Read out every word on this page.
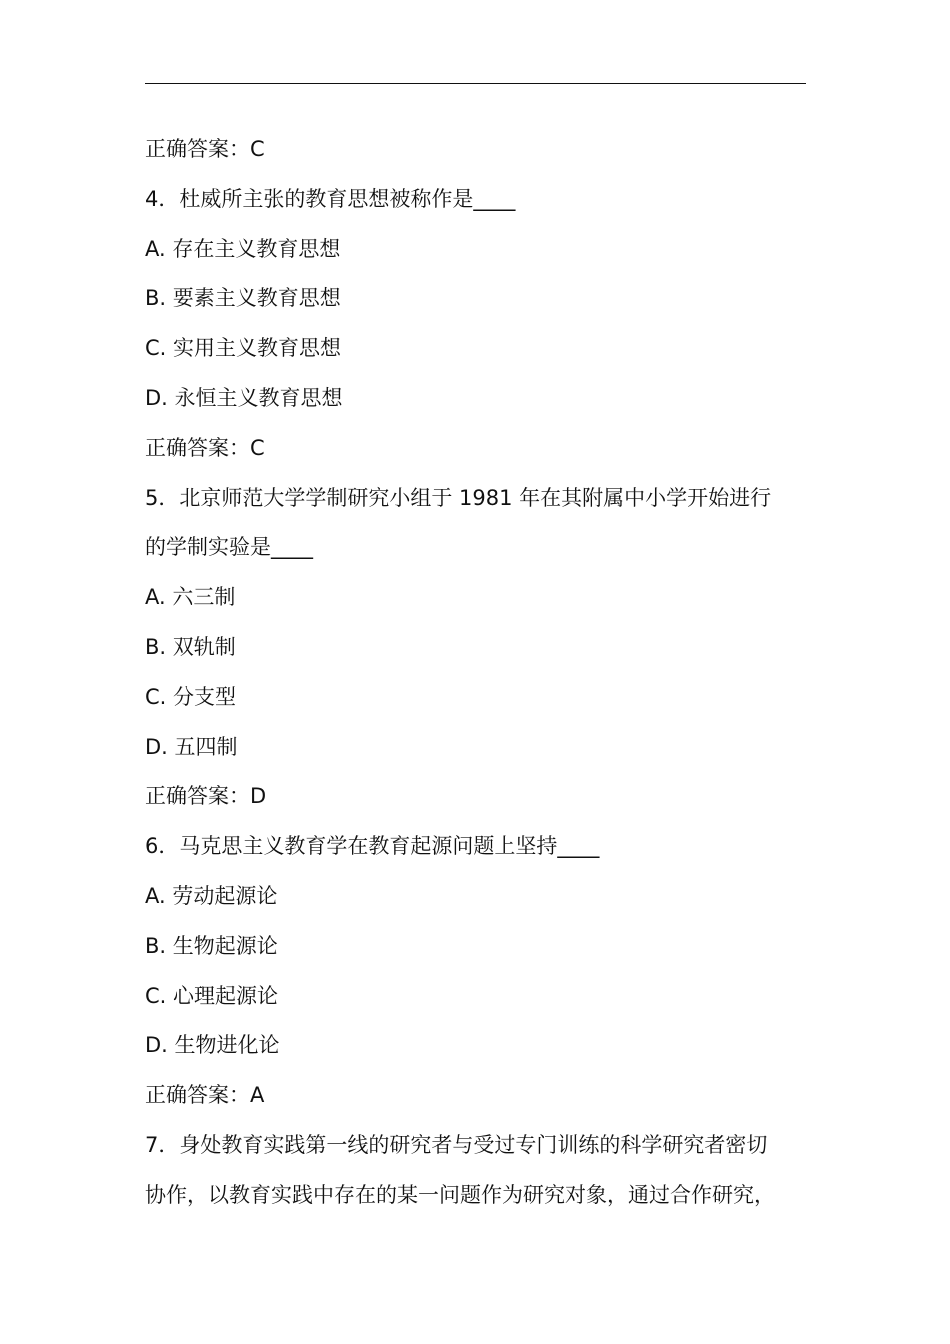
正确答案：C
4．杜威所主张的教育思想被称作是____
A. 存在主义教育思想
B. 要素主义教育思想
C. 实用主义教育思想
D. 永恒主义教育思想
正确答案：C
5．北京师范大学学制研究小组于 1981 年在其附属中小学开始进行
的学制实验是____
A. 六三制
B. 双轨制
C. 分支型
D. 五四制
正确答案：D
6．马克思主义教育学在教育起源问题上坚持____
A. 劳动起源论
B. 生物起源论
C. 心理起源论
D. 生物进化论
正确答案：A
7．身处教育实践第一线的研究者与受过专门训练的科学研究者密切
协作，以教育实践中存在的某一问题作为研究对象，通过合作研究，
